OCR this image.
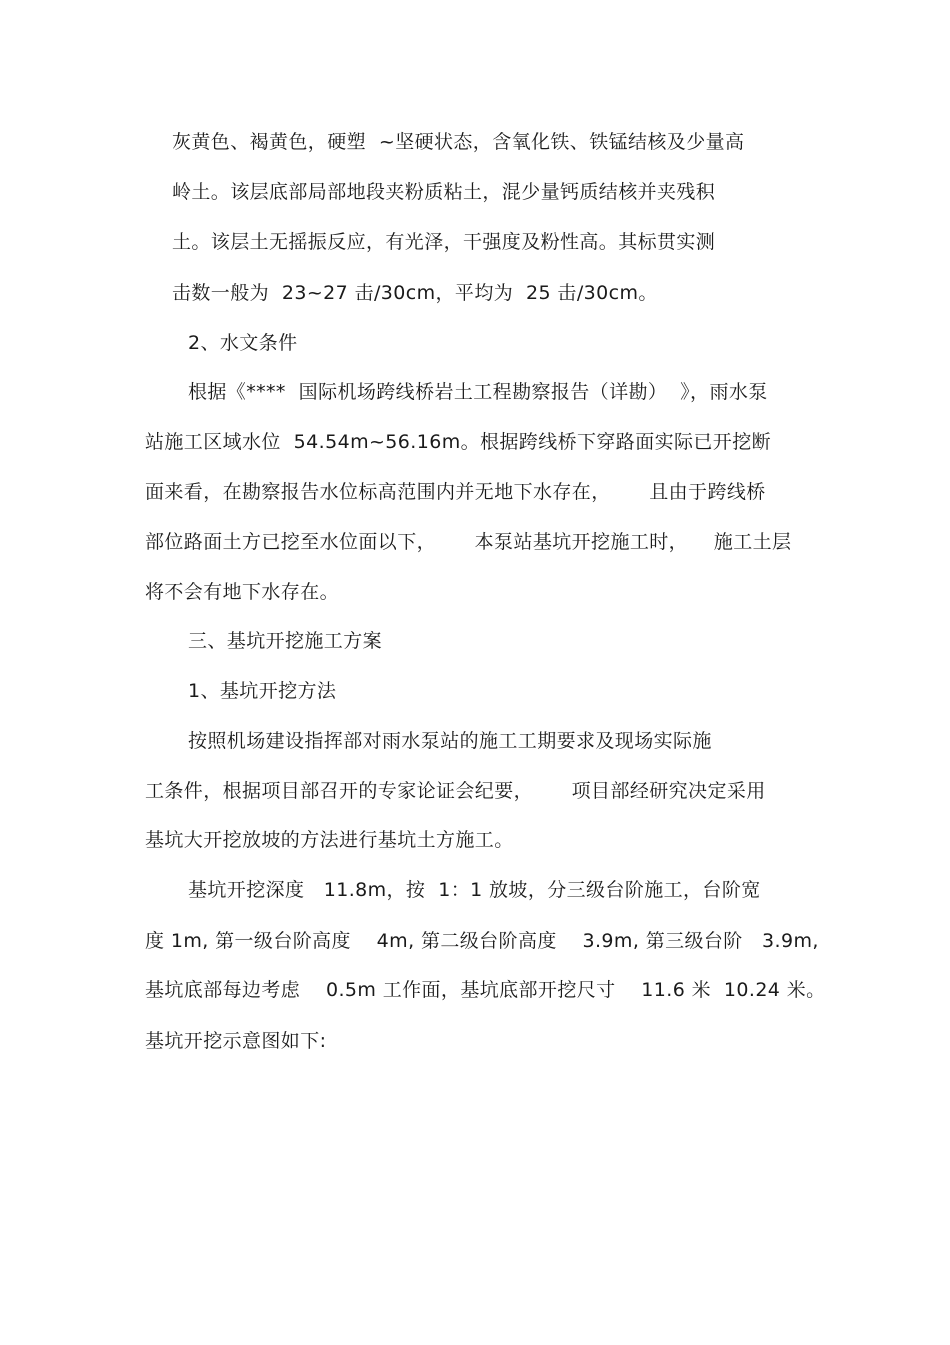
灰黄色、褐黄色，硬塑  ~坚硬状态，含氧化铁、铁锰结核及少量高
岭土。该层底部局部地段夹粉质粘土，混少量钙质结核并夹残积
土。该层土无摇振反应，有光泽，干强度及粉性高。其标贯实测
击数一般为  23~27 击/30cm，平均为  25 击/30cm。
2、水文条件
根据《****  国际机场跨线桥岩土工程勘察报告（详勘）  》，雨水泵
站施工区域水位  54.54m~56.16m。根据跨线桥下穿路面实际已开挖断
面来看，在勘察报告水位标高范围内并无地下水存在，      且由于跨线桥
部位路面土方已挖至水位面以下，      本泵站基坑开挖施工时，    施工土层
将不会有地下水存在。
三、基坑开挖施工方案
1、基坑开挖方法
按照机场建设指挥部对雨水泵站的施工工期要求及现场实际施
工条件，根据项目部召开的专家论证会纪要，      项目部经研究决定采用
基坑大开挖放坡的方法进行基坑土方施工。
基坑开挖深度   11.8m，按  1：1 放坡，分三级台阶施工，台阶宽
度 1m, 第一级台阶高度    4m, 第二级台阶高度    3.9m, 第三级台阶   3.9m,
基坑底部每边考虑    0.5m 工作面，基坑底部开挖尺寸    11.6 米  10.24 米。
基坑开挖示意图如下:
